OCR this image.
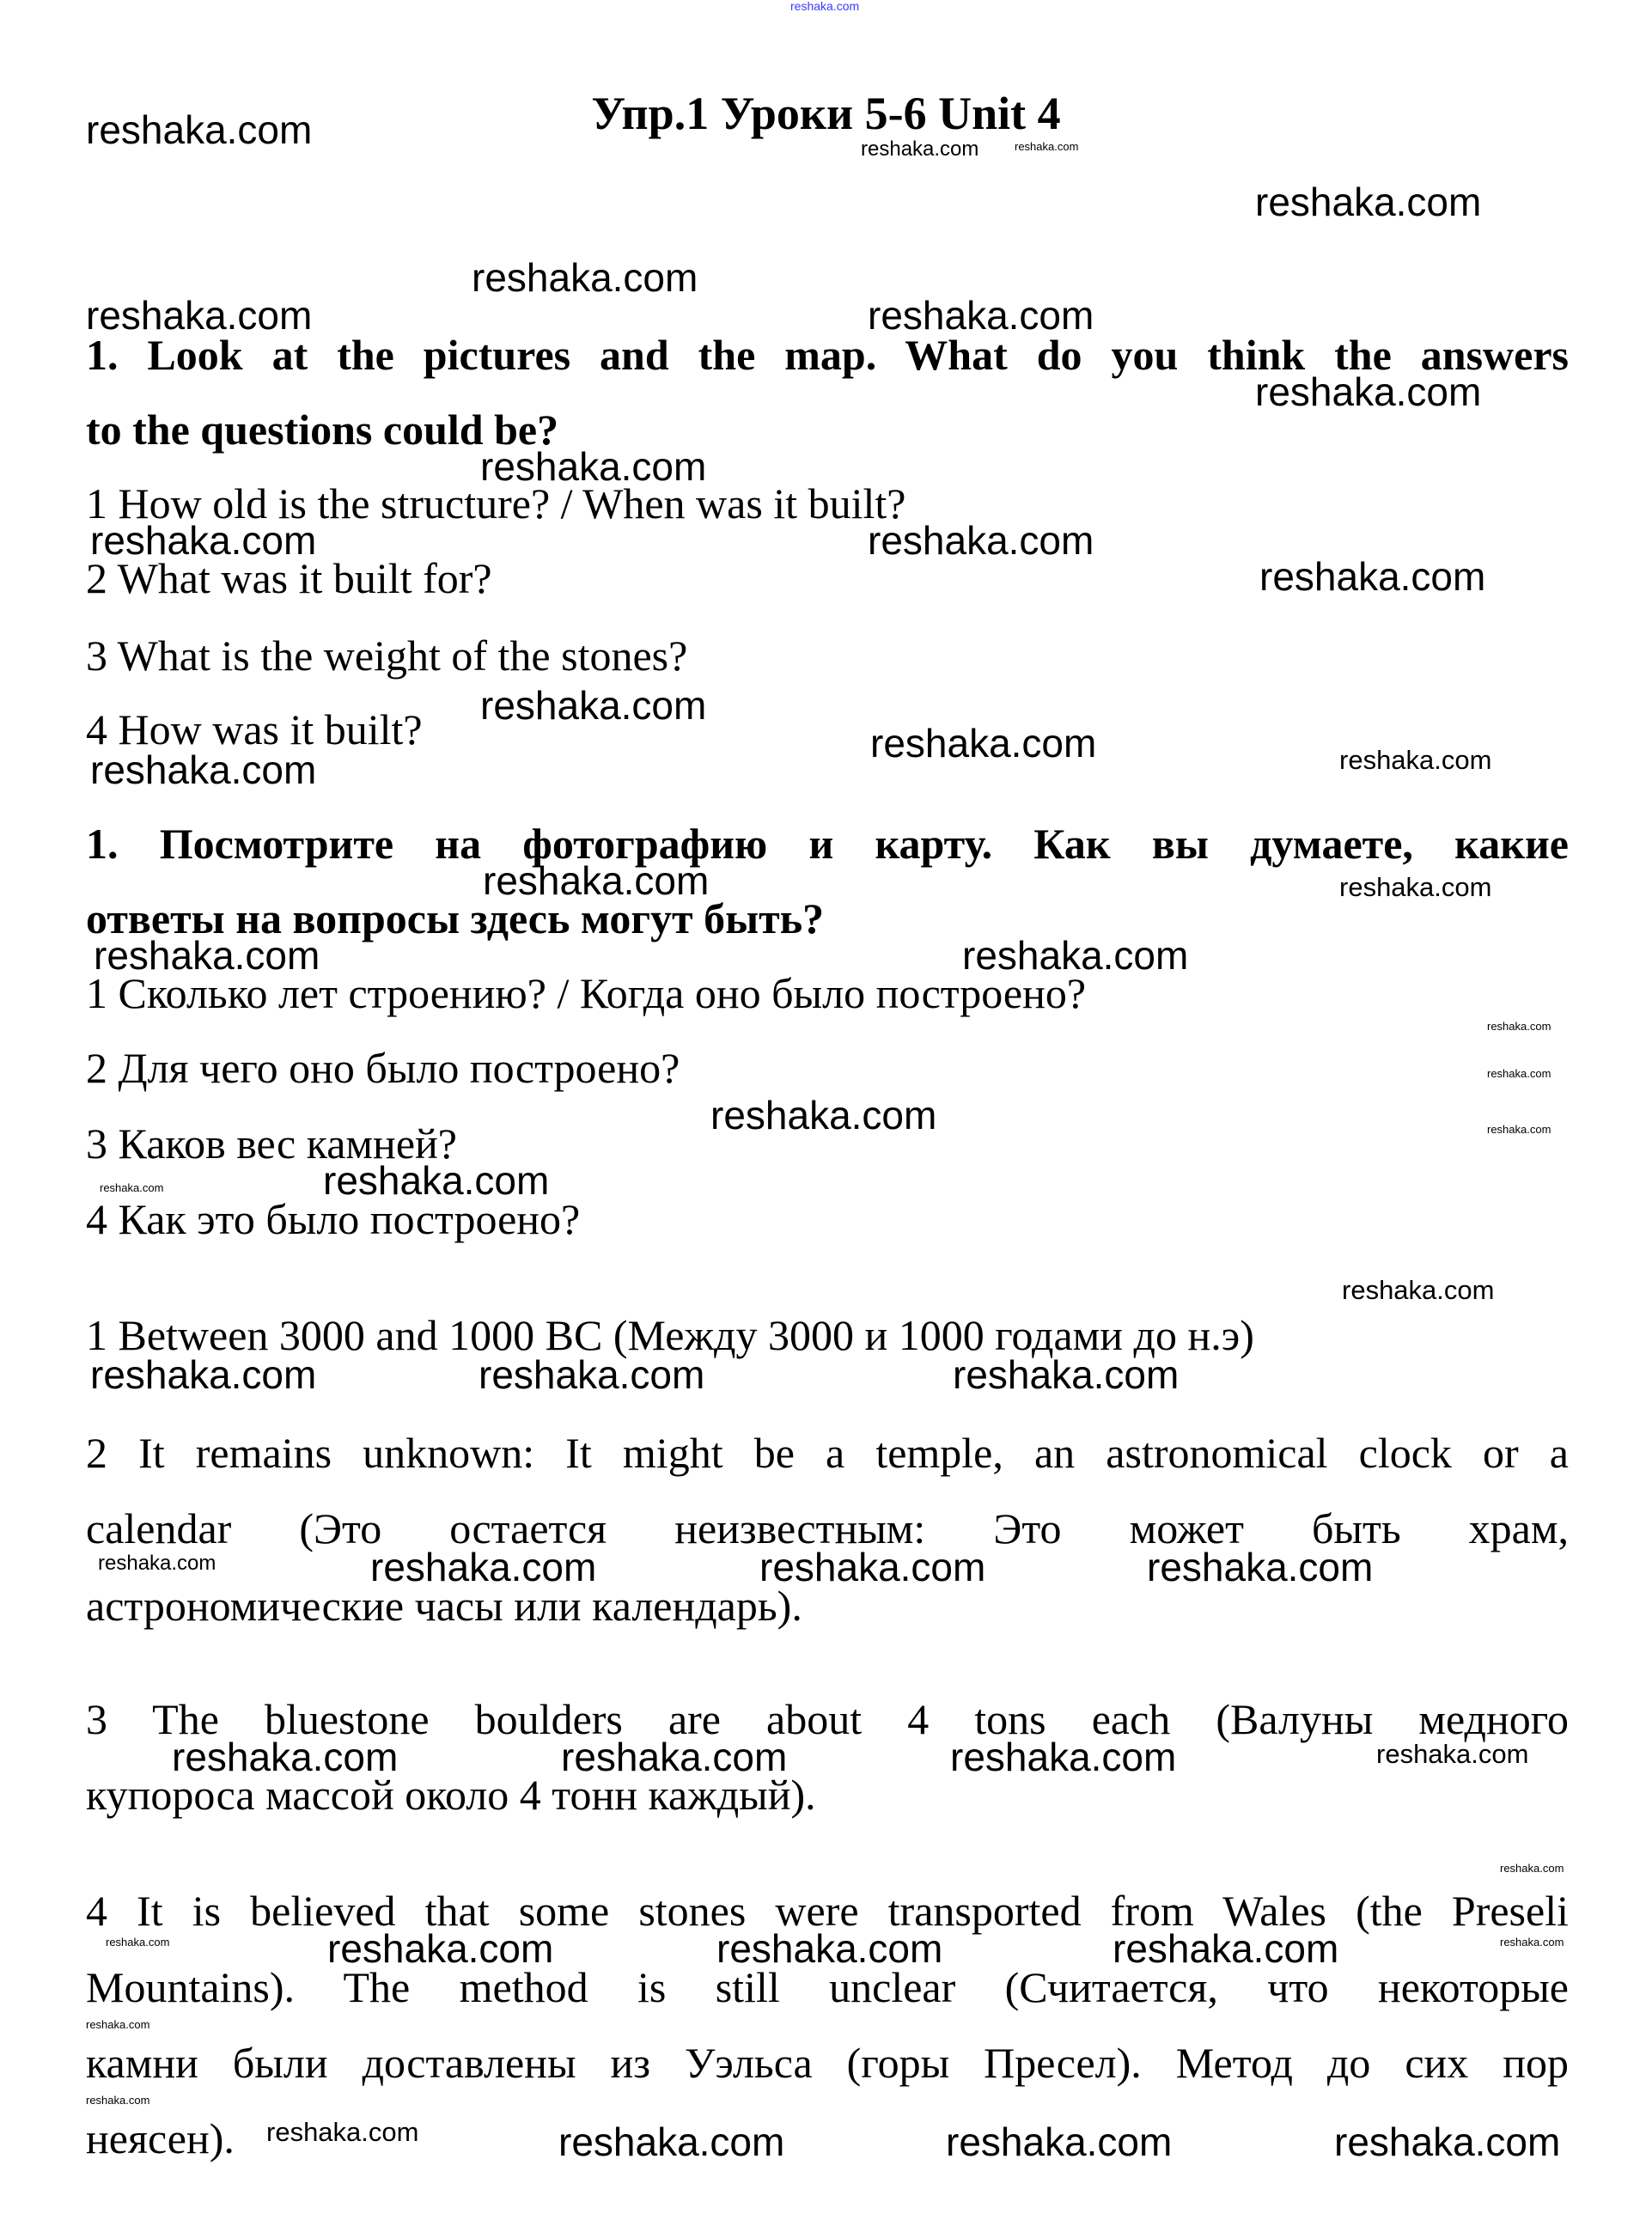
Упр.1 Уроки 5-6 Unit 4
1. Look at the pictures and the map. What do you think the answers
to the questions could be?
1 How old is the structure? / When was it built?
2 What was it built for?
3 What is the weight of the stones?
4 How was it built?
1. Посмотрите на фотографию и карту. Как вы думаете, какие
ответы на вопросы здесь могут быть?
1 Сколько лет строению? / Когда оно было построено?
2 Для чего оно было построено?
3 Каков вес камней?
4 Как это было построено?
1 Between 3000 and 1000 BC (Между 3000 и 1000 годами до н.э)
2 It remains unknown: It might be a temple, an astronomical clock or a
calendar (Это остается неизвестным: Это может быть храм,
астрономические часы или календарь).
3 The bluestone boulders are about 4 tons each (Валуны медного
купороса массой около 4 тонн каждый).
4 It is believed that some stones were transported from Wales (the Preseli
Mountains). The method is still unclear (Считается, что некоторые
камни были доставлены из Уэльса (горы Пресел). Метод до сих пор
неясен).
reshaka.com
reshaka.com	reshaka.com	reshaka.com
reshaka.com
reshaka.com
reshaka.com	reshaka.com
reshaka.com
reshaka.com
reshaka.com	reshaka.com
reshaka.com
reshaka.com
reshaka.com
reshaka.com	reshaka.com
reshaka.com	reshaka.com
reshaka.com	reshaka.com
reshaka.com
reshaka.com
reshaka.com
reshaka.com
reshaka.com	reshaka.com
reshaka.com
reshaka.com	reshaka.com	reshaka.com
reshaka.com	reshaka.com	reshaka.com	reshaka.com
reshaka.com	reshaka.com	reshaka.com	reshaka.com
reshaka.com
reshaka.com	reshaka.com
reshaka.com	reshaka.com	reshaka.com
reshaka.com
reshaka.com
reshaka.com	reshaka.com	reshaka.com	reshaka.com
